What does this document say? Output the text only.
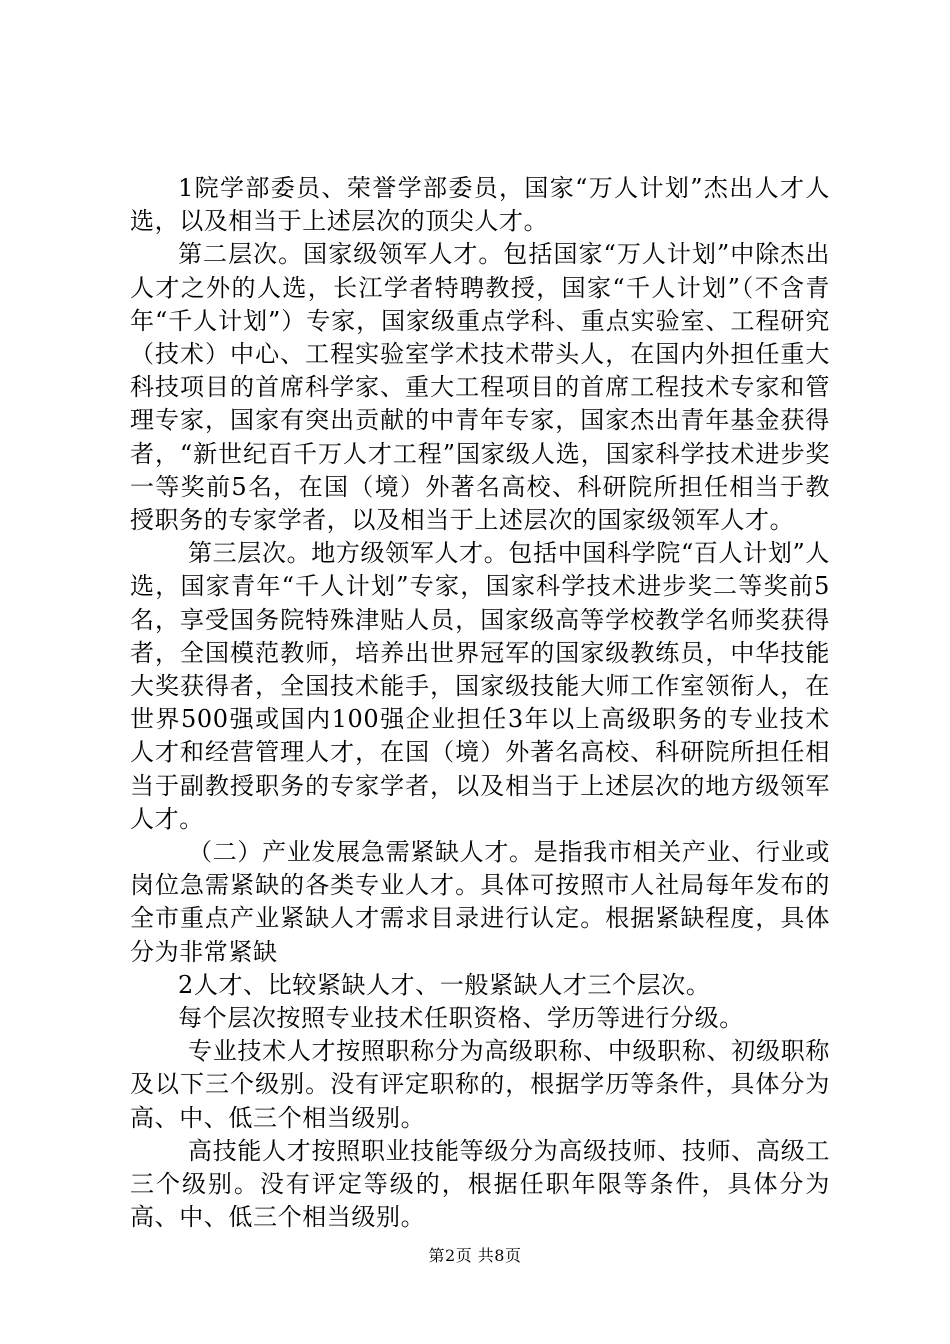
1院学部委员、荣誉学部委员，国家“万人计划”杰出人才人选，以及相当于上述层次的顶尖人才。

第二层次。国家级领军人才。包括国家“万人计划”中除杰出人才之外的人选，长江学者特聘教授，国家“千人计划”（不含青年“千人计划”）专家，国家级重点学科、重点实验室、工程研究（技术）中心、工程实验室学术技术带头人，在国内外担任重大科技项目的首席科学家、重大工程项目的首席工程技术专家和管理专家，国家有突出贡献的中青年专家，国家杰出青年基金获得者，“新世纪百千万人才工程”国家级人选，国家科学技术进步奖一等奖前5名，在国（境）外著名高校、科研院所担任相当于教授职务的专家学者，以及相当于上述层次的国家级领军人才。

第三层次。地方级领军人才。包括中国科学院“百人计划”人选，国家青年“千人计划”专家，国家科学技术进步奖二等奖前5名，享受国务院特殊津贴人员，国家级高等学校教学名师奖获得者，全国模范教师，培养出世界冠军的国家级教练员，中华技能大奖获得者，全国技术能手，国家级技能大师工作室领衔人，在世界500强或国内100强企业担任3年以上高级职务的专业技术人才和经营管理人才，在国（境）外著名高校、科研院所担任相当于副教授职务的专家学者，以及相当于上述层次的地方级领军人才。

（二）产业发展急需紧缺人才。是指我市相关产业、行业或岗位急需紧缺的各类专业人才。具体可按照市人社局每年发布的全市重点产业紧缺人才需求目录进行认定。根据紧缺程度，具体分为非常紧缺

2人才、比较紧缺人才、一般紧缺人才三个层次。

每个层次按照专业技术任职资格、学历等进行分级。

专业技术人才按照职称分为高级职称、中级职称、初级职称及以下三个级别。没有评定职称的，根据学历等条件，具体分为高、中、低三个相当级别。

高技能人才按照职业技能等级分为高级技师、技师、高级工三个级别。没有评定等级的，根据任职年限等条件，具体分为高、中、低三个相当级别。

第2页 共8页
